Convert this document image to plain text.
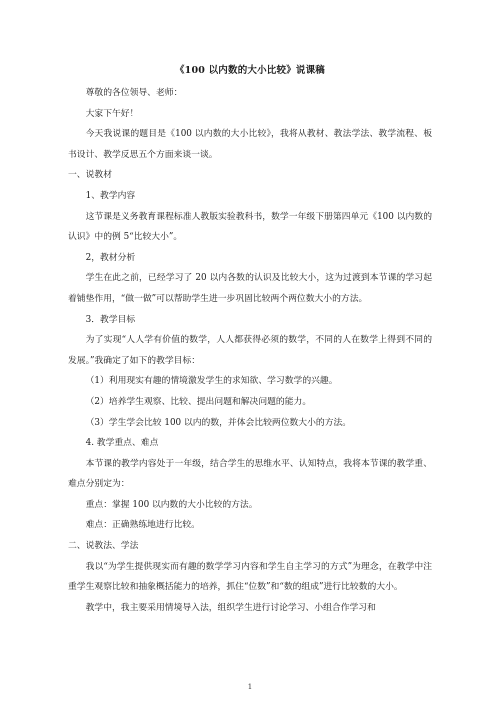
《100 以内数的大小比较》说课稿

尊敬的各位领导、老师：

大家下午好！

今天我说课的题目是《100 以内数的大小比较》，我将从教材、教法学法、教学流程、板书设计、教学反思五个方面来谈一谈。

一、说教材

1、教学内容

这节课是义务教育课程标准人教版实验教科书，数学一年级下册第四单元《100 以内数的认识》中的例 5“比较大小”。

2，教材分析

学生在此之前，已经学习了 20 以内各数的认识及比较大小，这为过渡到本节课的学习起着铺垫作用，“做一做”可以帮助学生进一步巩固比较两个两位数大小的方法。

3．教学目标

为了实现“人人学有价值的数学，人人都获得必须的数学，不同的人在数学上得到不同的发展。”我确定了如下的教学目标：

（1）利用现实有趣的情境激发学生的求知欲、学习数学的兴趣。

（2）培养学生观察、比较、提出问题和解决问题的能力。

（3）学生学会比较 100 以内的数，并体会比较两位数大小的方法。

4. 教学重点、难点

本节课的教学内容处于一年级，结合学生的思维水平、认知特点，我将本节课的教学重、难点分别定为：

重点：掌握 100 以内数的大小比较的方法。

难点：正确熟练地进行比较。

二、说教法、学法

我以“为学生提供现实而有趣的数学学习内容和学生自主学习的方式”为理念，在教学中注重学生观察比较和抽象概括能力的培养，抓住“位数”和“数的组成”进行比较数的大小。

教学中，我主要采用情境导入法，组织学生进行讨论学习、小组合作学习和

1
